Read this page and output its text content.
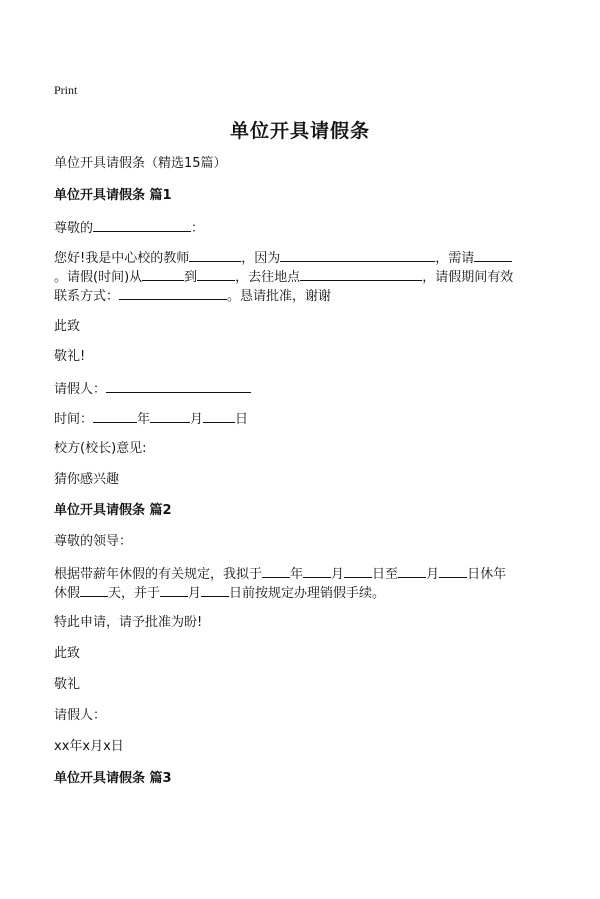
Print
单位开具请假条
单位开具请假条（精选15篇）
单位开具请假条 篇1
尊敬的	：
您好!我是中心校的教师	，因为	，需请
。请假(时间)从	到	，去往地点	，请假期间有效
联系方式：	。恳请批准，谢谢
此致
敬礼!
请假人：
时间：	年	月 日
校方(校长)意见:
猜你感兴趣
单位开具请假条 篇2
尊敬的领导：
根据带薪年休假的有关规定，我拟于 年 月 日至 月 日休年
休假 天，并于 月 日前按规定办理销假手续。
特此申请，请予批准为盼!
此致
敬礼
请假人：
xx年x月x日
单位开具请假条 篇3
